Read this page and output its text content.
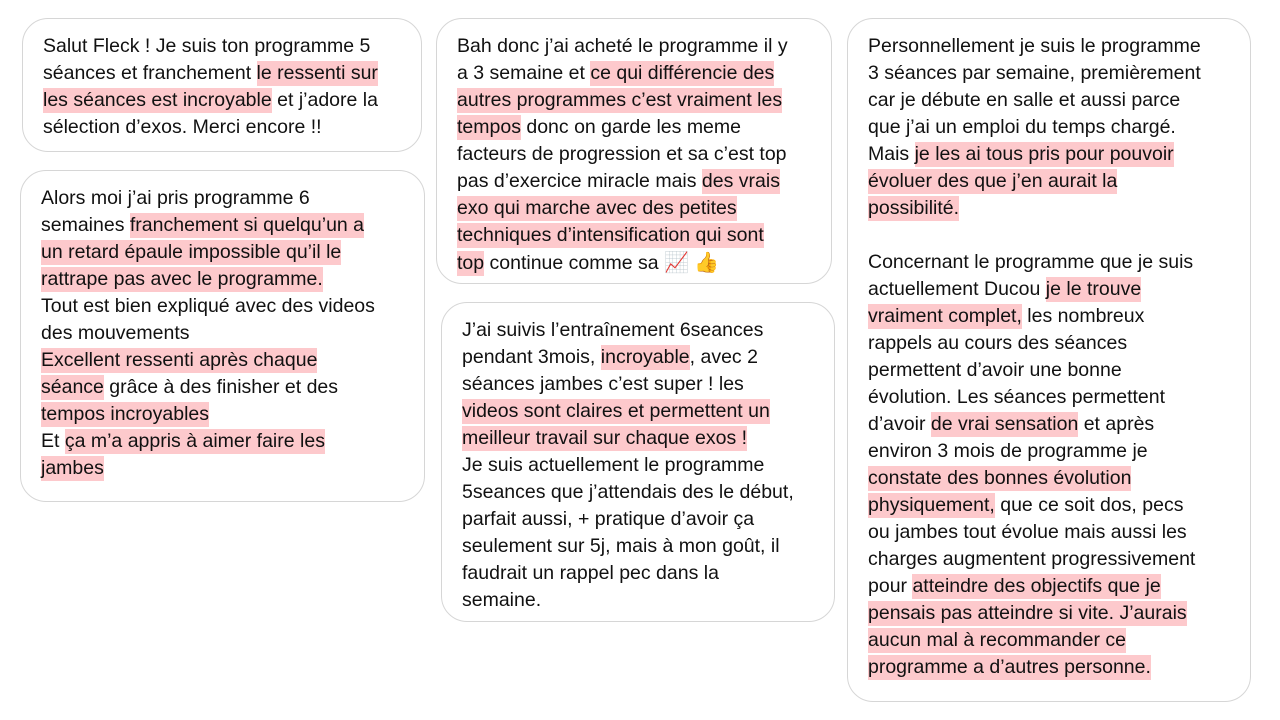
Salut Fleck ! Je suis ton programme 5
séances et franchement le ressenti sur
les séances est incroyable et j’adore la
sélection d’exos. Merci encore !!
Alors moi j’ai pris programme 6
semaines franchement si quelqu’un a
un retard épaule impossible qu’il le
rattrape pas avec le programme.
Tout est bien expliqué avec des videos
des mouvements
Excellent ressenti après chaque
séance grâce à des finisher et des
tempos incroyables
Et ça m’a appris à aimer faire les
jambes
Bah donc j’ai acheté le programme il y
a 3 semaine et ce qui différencie des
autres programmes c’est vraiment les
tempos donc on garde les meme
facteurs de progression et sa c’est top
pas d’exercice miracle mais des vrais
exo qui marche avec des petites
techniques d’intensification qui sont
top continue comme sa 📈 👍
J’ai suivis l’entraînement 6seances
pendant 3mois, incroyable, avec 2
séances jambes c’est super ! les
videos sont claires et permettent un
meilleur travail sur chaque exos !
Je suis actuellement le programme
5seances que j’attendais des le début,
parfait aussi, + pratique d’avoir ça
seulement sur 5j, mais à mon goût, il
faudrait un rappel pec dans la
semaine.
Personnellement je suis le programme
3 séances par semaine, premièrement
car je débute en salle et aussi parce
que j’ai un emploi du temps chargé.
Mais je les ai tous pris pour pouvoir
évoluer des que j’en aurait la
possibilité.
Concernant le programme que je suis
actuellement Ducou je le trouve
vraiment complet, les nombreux
rappels au cours des séances
permettent d’avoir une bonne
évolution. Les séances permettent
d’avoir de vrai sensation et après
environ 3 mois de programme je
constate des bonnes évolution
physiquement, que ce soit dos, pecs
ou jambes tout évolue mais aussi les
charges augmentent progressivement
pour atteindre des objectifs que je
pensais pas atteindre si vite. J’aurais
aucun mal à recommander ce
programme a d’autres personne.
